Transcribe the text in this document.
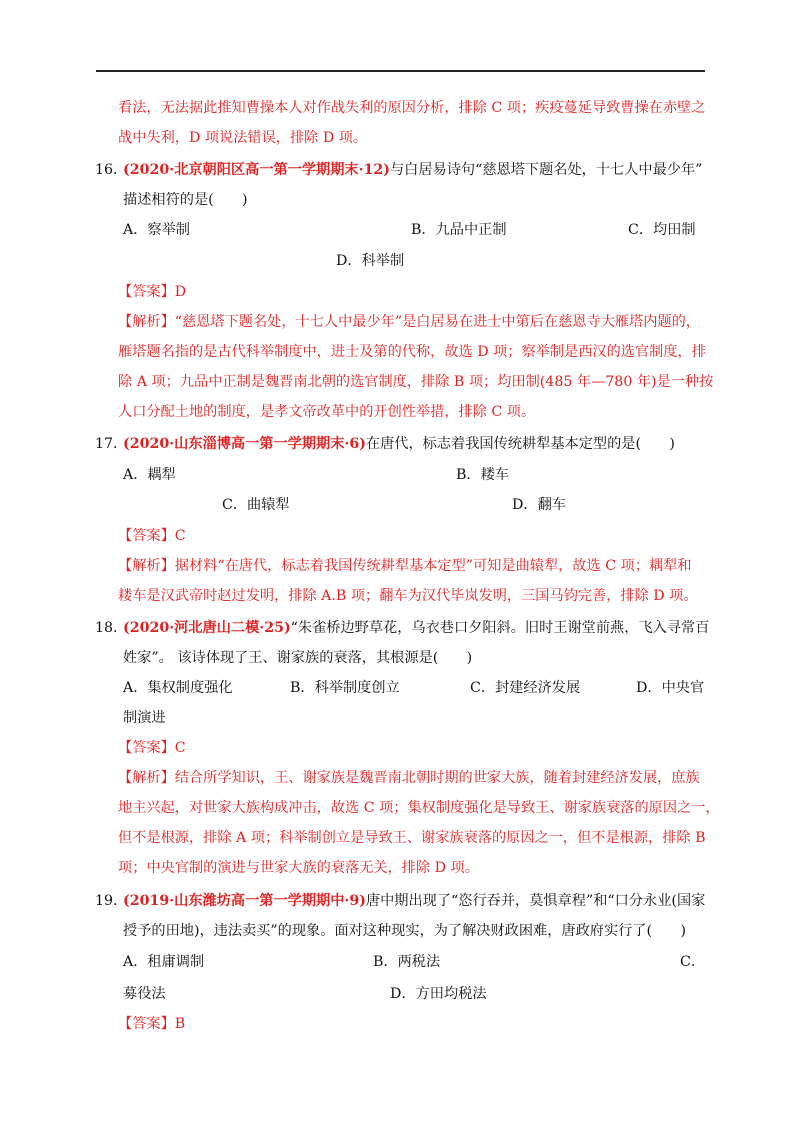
看法，无法据此推知曹操本人对作战失利的原因分析，排除 C 项；疾疫蔓延导致曹操在赤壁之
战中失利，D 项说法错误，排除 D 项。
16．
(2020·北京朝阳区高一第一学期期末·12)与白居易诗句“慈恩塔下题名处，十七人中最少年”
描述相符的是(　　)
A．察举制	B．九品中正制	C．均田制
D．科举制
【答案】D
【解析】“慈恩塔下题名处，十七人中最少年”是白居易在进士中第后在慈恩寺大雁塔内题的，
雁塔题名指的是古代科举制度中，进士及第的代称，故选 D 项；察举制是西汉的选官制度，排
除 A 项；九品中正制是魏晋南北朝的选官制度，排除 B 项；均田制(485 年—780 年)是一种按
人口分配土地的制度，是孝文帝改革中的开创性举措，排除 C 项。
17．
(2020·山东淄博高一第一学期期末·6)在唐代，标志着我国传统耕犁基本定型的是(　　)
A．耦犁	B．耧车
C．曲辕犁	D．翻车
【答案】C
【解析】据材料“在唐代，标志着我国传统耕犁基本定型”可知是曲辕犁，故选 C 项；耦犁和
耧车是汉武帝时赵过发明，排除 A.B 项；翻车为汉代毕岚发明，三国马钧完善，排除 D 项。
18．
(2020·河北唐山二模·25)“朱雀桥边野草花，乌衣巷口夕阳斜。旧时王谢堂前燕，飞入寻常百
姓家”。 该诗体现了王、谢家族的衰落，其根源是(　　)
A．集权制度强化	B．科举制度创立	C．封建经济发展	D．中央官
制演进
【答案】C
【解析】结合所学知识，王、谢家族是魏晋南北朝时期的世家大族，随着封建经济发展，庶族
地主兴起，对世家大族构成冲击，故选 C 项；集权制度强化是导致王、谢家族衰落的原因之一，
但不是根源，排除 A 项；科举制创立是导致王、谢家族衰落的原因之一，但不是根源，排除 B
项；中央官制的演进与世家大族的衰落无关，排除 D 项。
19．
(2019·山东潍坊高一第一学期期中·9)唐中期出现了“恣行吞并，莫惧章程”和“口分永业(国家
授予的田地)，违法卖买”的现象。面对这种现实，为了解决财政困难，唐政府实行了(　　)
A．租庸调制	B．两税法	C．
募役法	D．方田均税法
【答案】B
